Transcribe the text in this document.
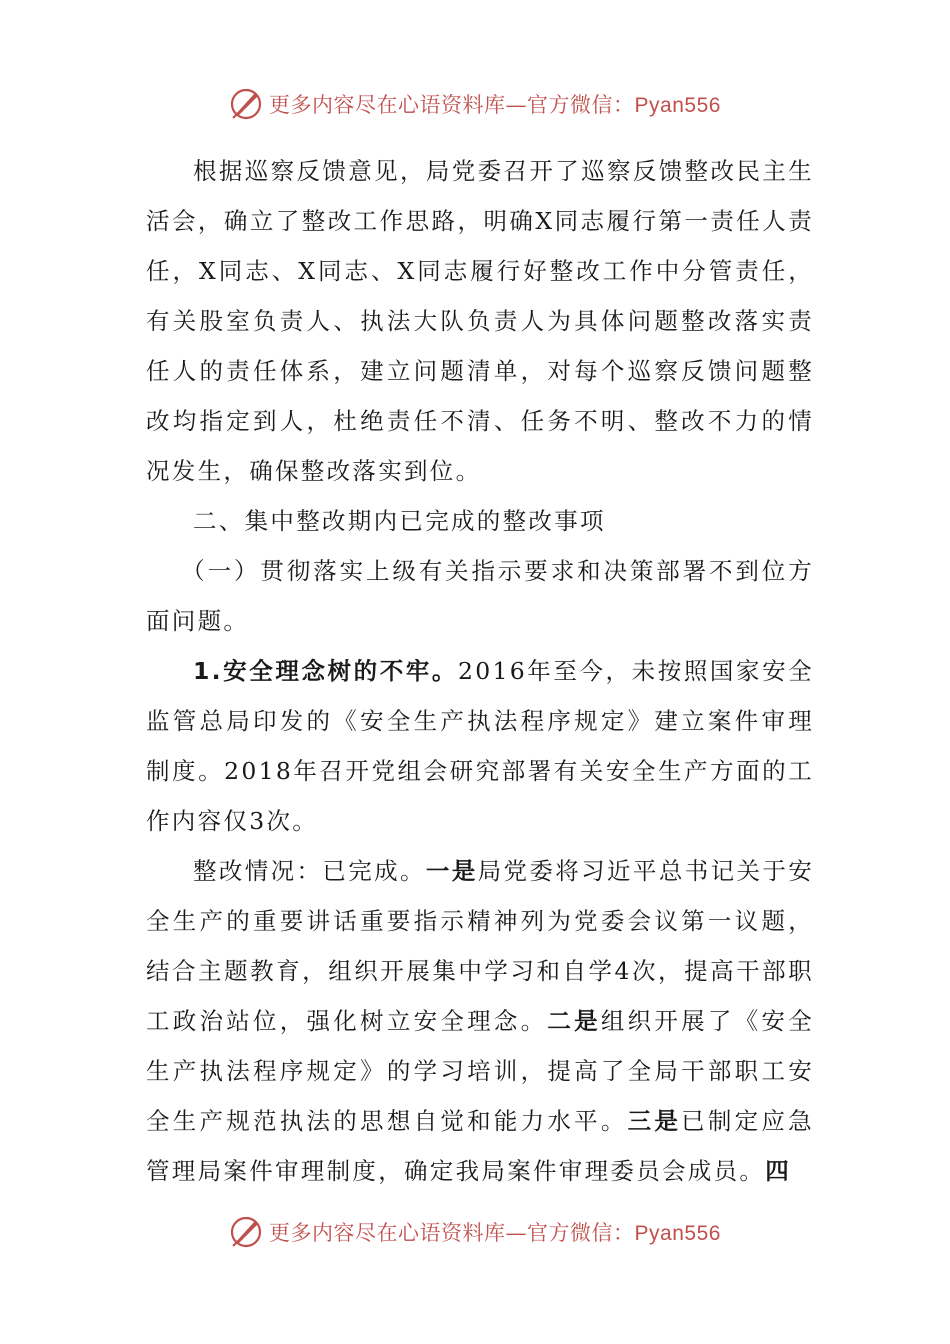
更多内容尽在心语资料库—官方微信：Pyan556

根据巡察反馈意见，局党委召开了巡察反馈整改民主生活会，确立了整改工作思路，明确X同志履行第一责任人责任，X同志、X同志、X同志履行好整改工作中分管责任，有关股室负责人、执法大队负责人为具体问题整改落实责任人的责任体系，建立问题清单，对每个巡察反馈问题整改均指定到人，杜绝责任不清、任务不明、整改不力的情况发生，确保整改落实到位。

二、集中整改期内已完成的整改事项

（一）贯彻落实上级有关指示要求和决策部署不到位方面问题。

1.安全理念树的不牢。2016年至今，未按照国家安全监管总局印发的《安全生产执法程序规定》建立案件审理制度。2018年召开党组会研究部署有关安全生产方面的工作内容仅3次。

整改情况：已完成。一是局党委将习近平总书记关于安全生产的重要讲话重要指示精神列为党委会议第一议题，结合主题教育，组织开展集中学习和自学4次，提高干部职工政治站位，强化树立安全理念。二是组织开展了《安全生产执法程序规定》的学习培训，提高了全局干部职工安全生产规范执法的思想自觉和能力水平。三是已制定应急管理局案件审理制度，确定我局案件审理委员会成员。四

更多内容尽在心语资料库—官方微信：Pyan556
